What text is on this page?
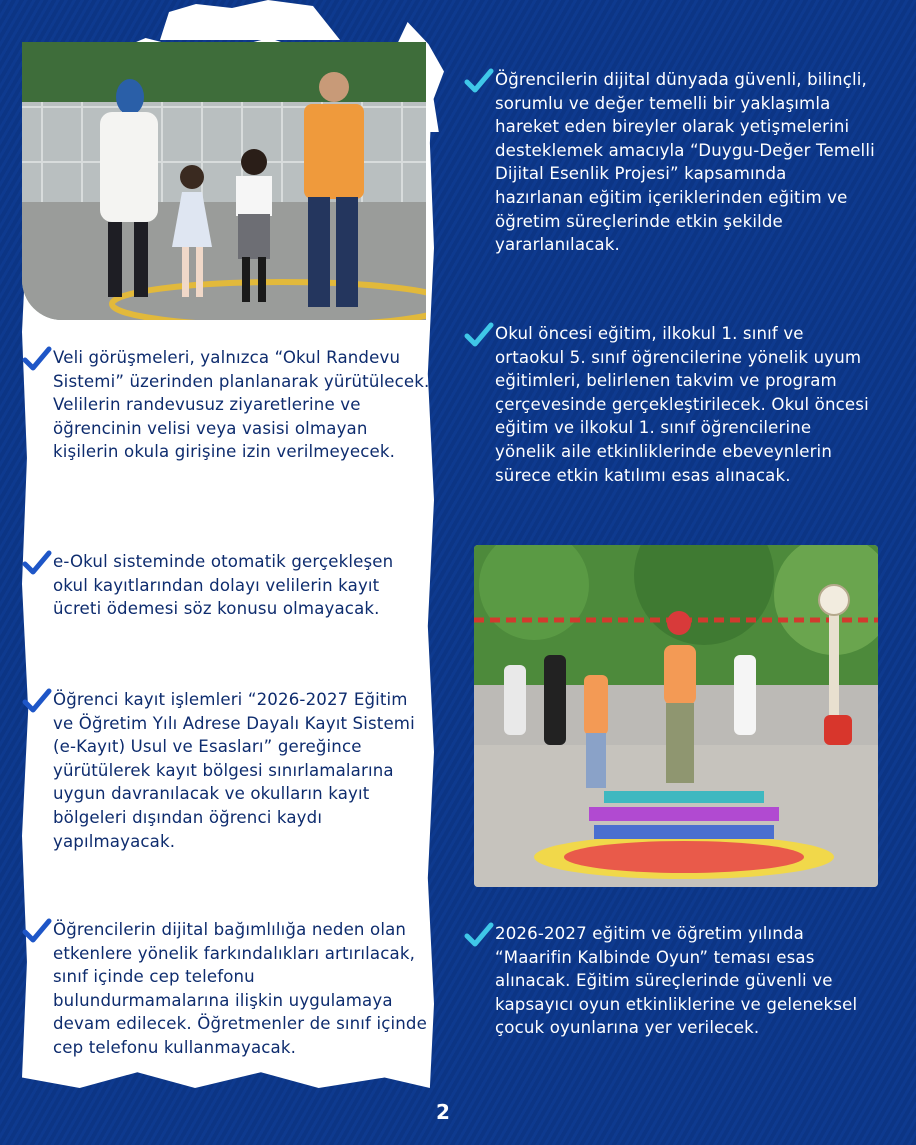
Veli görüşmeleri, yalnızca “Okul Randevu Sistemi” üzerinden planlanarak yürütülecek. Velilerin randevusuz ziyaretlerine ve öğrencinin velisi veya vasisi olmayan kişilerin okula girişine izin verilmeyecek.
e-Okul sisteminde otomatik gerçekleşen okul kayıtlarından dolayı velilerin kayıt ücreti ödemesi söz konusu olmayacak.
Öğrenci kayıt işlemleri “2026-2027 Eğitim ve Öğretim Yılı Adrese Dayalı Kayıt Sistemi (e-Kayıt) Usul ve Esasları” gereğince yürütülerek kayıt bölgesi sınırlamalarına uygun davranılacak ve okulların kayıt bölgeleri dışından öğrenci kaydı yapılmayacak.
Öğrencilerin dijital bağımlılığa neden olan etkenlere yönelik farkındalıkları artırılacak, sınıf içinde cep telefonu bulundurmamalarına ilişkin uygulamaya devam edilecek. Öğretmenler de sınıf içinde cep telefonu kullanmayacak.
Öğrencilerin dijital dünyada güvenli, bilinçli, sorumlu ve değer temelli bir yaklaşımla hareket eden bireyler olarak yetişmelerini desteklemek amacıyla “Duygu-Değer Temelli Dijital Esenlik Projesi” kapsamında hazırlanan eğitim içeriklerinden eğitim ve öğretim süreçlerinde etkin şekilde yararlanılacak.
Okul öncesi eğitim, ilkokul 1. sınıf ve ortaokul 5. sınıf öğrencilerine yönelik uyum eğitimleri, belirlenen takvim ve program çerçevesinde gerçekleştirilecek. Okul öncesi eğitim ve ilkokul 1. sınıf öğrencilerine yönelik aile etkinliklerinde ebeveynlerin sürece etkin katılımı esas alınacak.
2026-2027 eğitim ve öğretim yılında “Maarifin Kalbinde Oyun” teması esas alınacak. Eğitim süreçlerinde güvenli ve kapsayıcı oyun etkinliklerine ve geleneksel çocuk oyunlarına yer verilecek.
2
